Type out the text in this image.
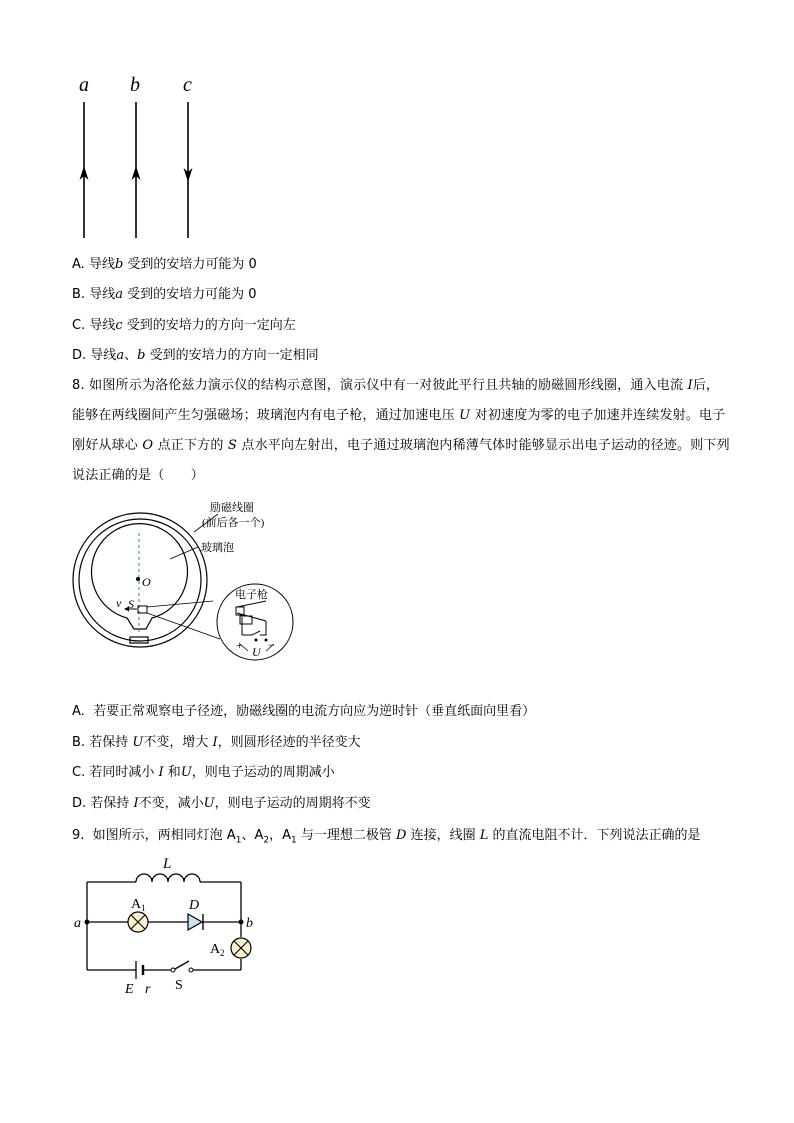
a b c
A. 导线b 受到的安培力可能为 0
B. 导线a 受到的安培力可能为 0
C. 导线c 受到的安培力的方向一定向左
D. 导线a、b 受到的安培力的方向一定相同
8. 如图所示为洛伦兹力演示仪的结构示意图，演示仪中有一对彼此平行且共轴的励磁圆形线圈，通入电流 I后，能够在两线圈间产生匀强磁场；玻璃泡内有电子枪，通过加速电压 U 对初速度为零的电子加速并连续发射。电子刚好从球心 O 点正下方的 S 点水平向左射出，电子通过玻璃泡内稀薄气体时能够显示出电子运动的径迹。则下列说法正确的是（　　）
O
v S
励磁线圈
(前后各一个)
玻璃泡
电子枪
+ −
U
A. 若要正常观察电子径迹，励磁线圈的电流方向应为逆时针（垂直纸面向里看）
B. 若保持 U不变，增大 I，则圆形径迹的半径变大
C. 若同时减小 I 和U，则电子运动的周期减小
D. 若保持 I不变，减小U，则电子运动的周期将不变
9. 如图所示，两相同灯泡 $A_1$、$A_2$，$A_1$ 与一理想二极管 D 连接，线圈 L 的直流电阻不计．下列说法正确的是
L
A 1	D
a	b
A 2
E r S
